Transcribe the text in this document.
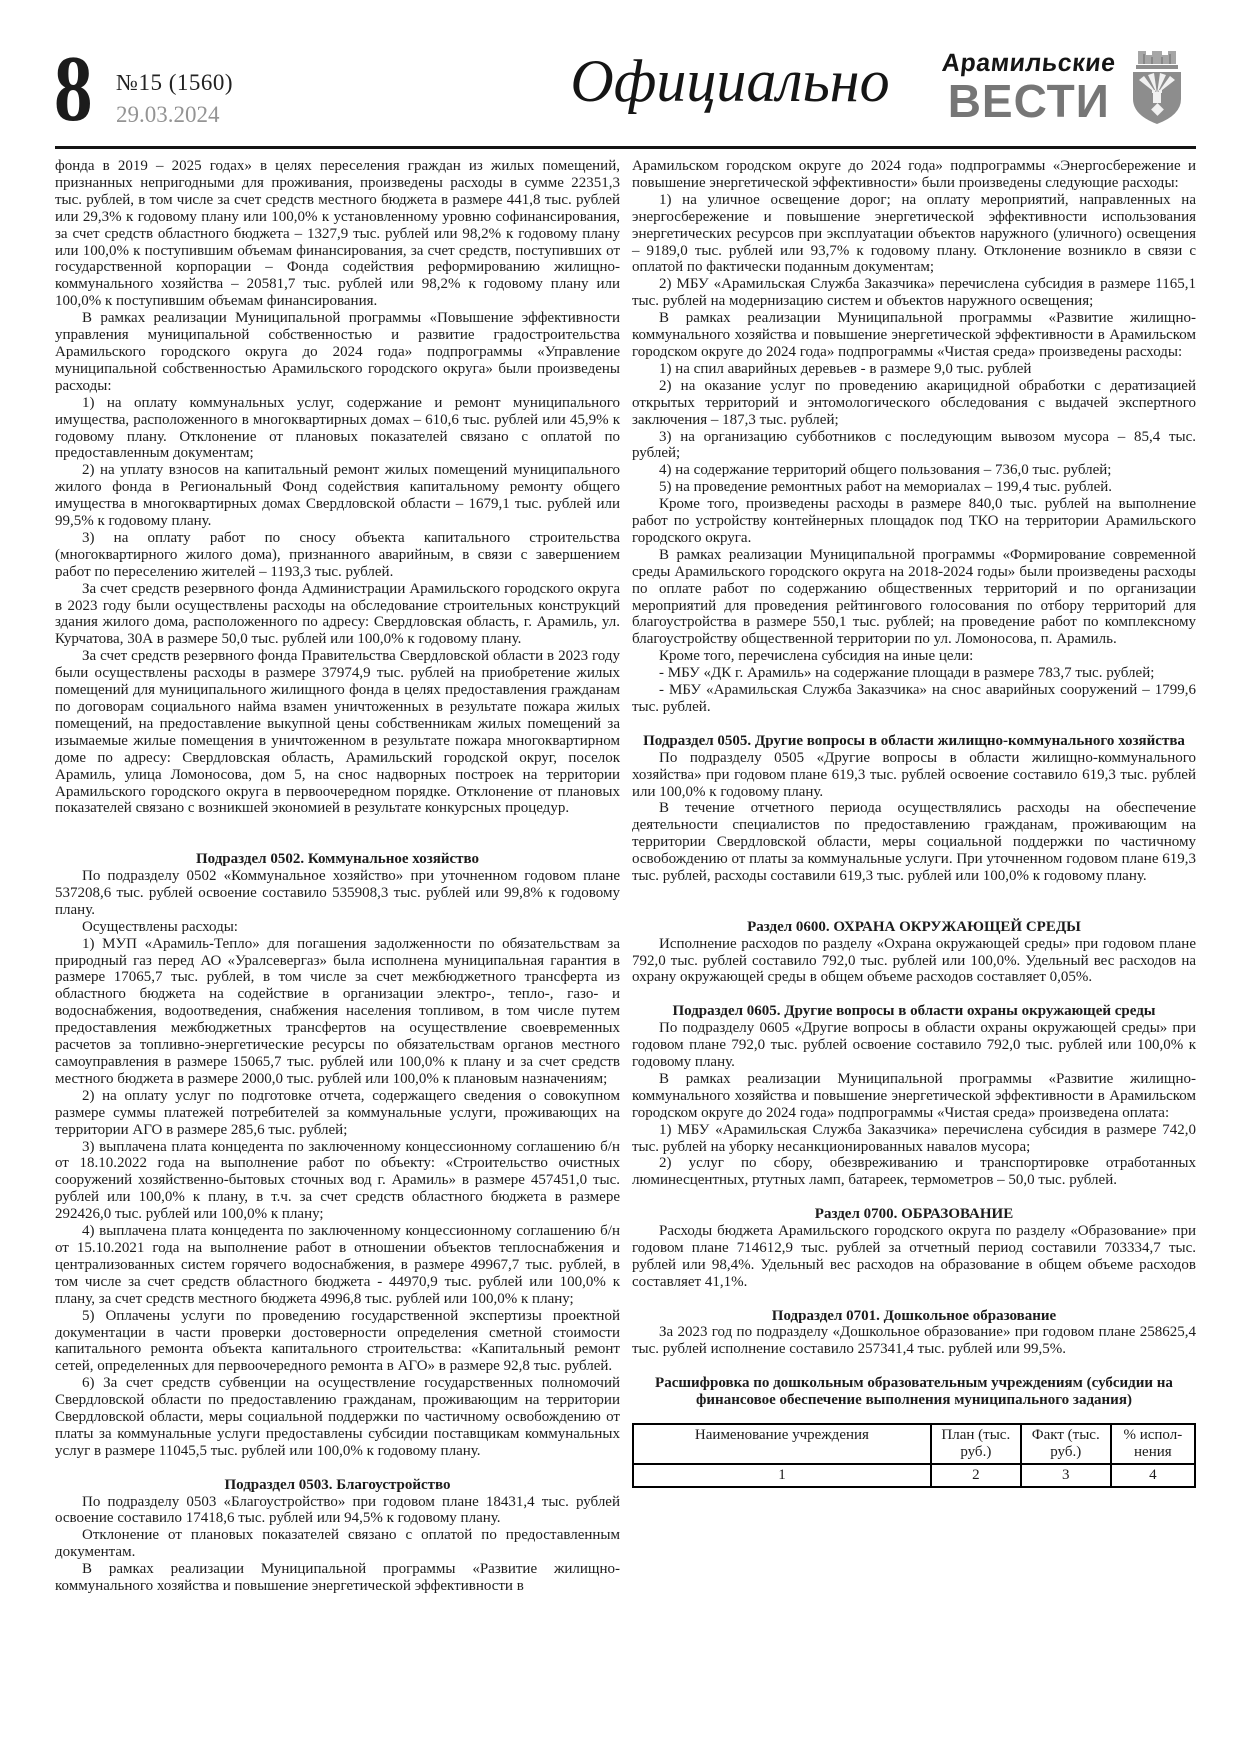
8 №15 (1560)
29.03.2024
Официально	Арамильские
ВЕСТИ
фонда в 2019 – 2025 годах» в целях переселения граждан из жилых помещений, признанных непригодными для проживания, произведены расходы в сумме 22351,3 тыс. рублей, в том числе за счет средств местного бюджета в размере 441,8 тыс. рублей или 29,3% к годовому плану или 100,0% к установленному уровню софинансирования, за счет средств областного бюджета – 1327,9 тыс. рублей или 98,2% к годовому плану или 100,0% к поступившим объемам финансирования, за счет средств, поступивших от государственной корпорации – Фонда содействия реформированию жилищно-коммунального хозяйства – 20581,7 тыс. рублей или 98,2% к годовому плану или 100,0% к поступившим объемам финансирования.
В рамках реализации Муниципальной программы «Повышение эффективности управления муниципальной собственностью и развитие градостроительства Арамильского городского округа до 2024 года» подпрограммы «Управление муниципальной собственностью Арамильского городского округа» были произведены расходы:
1) на оплату коммунальных услуг, содержание и ремонт муниципального имущества, расположенного в многоквартирных домах – 610,6 тыс. рублей или 45,9% к годовому плану. Отклонение от плановых показателей связано с оплатой по предоставленным документам;
2) на уплату взносов на капитальный ремонт жилых помещений муниципального жилого фонда в Региональный Фонд содействия капитальному ремонту общего имущества в многоквартирных домах Свердловской области – 1679,1 тыс. рублей или 99,5% к годовому плану.
3) на оплату работ по сносу объекта капитального строительства (многоквартирного жилого дома), признанного аварийным, в связи с завершением работ по переселению жителей – 1193,3 тыс. рублей.
За счет средств резервного фонда Администрации Арамильского городского округа в 2023 году были осуществлены расходы на обследование строительных конструкций здания жилого дома, расположенного по адресу: Свердловская область, г. Арамиль, ул. Курчатова, 30А в размере 50,0 тыс. рублей или 100,0% к годовому плану.
За счет средств резервного фонда Правительства Свердловской области в 2023 году были осуществлены расходы в размере 37974,9 тыс. рублей на приобретение жилых помещений для муниципального жилищного фонда в целях предоставления гражданам по договорам социального найма взамен уничтоженных в результате пожара жилых помещений, на предоставление выкупной цены собственникам жилых помещений за изымаемые жилые помещения в уничтоженном в результате пожара многоквартирном доме по адресу: Свердловская область, Арамильский городской округ, поселок Арамиль, улица Ломоносова, дом 5, на снос надворных построек на территории Арамильского городского округа в первоочередном порядке. Отклонение от плановых показателей связано с возникшей экономией в результате конкурсных процедур.
Подраздел 0502. Коммунальное хозяйство
По подразделу 0502 «Коммунальное хозяйство» при уточненном годовом плане 537208,6 тыс. рублей освоение составило 535908,3 тыс. рублей или 99,8% к годовому плану.
Осуществлены расходы:
1) МУП «Арамиль-Тепло» для погашения задолженности по обязательствам за природный газ перед АО «Уралсевергаз» была исполнена муниципальная гарантия в размере 17065,7 тыс. рублей, в том числе за счет межбюджетного трансферта из областного бюджета на содействие в организации электро-, тепло-, газо- и водоснабжения, водоотведения, снабжения населения топливом, в том числе путем предоставления межбюджетных трансфертов на осуществление своевременных расчетов за топливно-энергетические ресурсы по обязательствам органов местного самоуправления в размере 15065,7 тыс. рублей или 100,0% к плану и за счет средств местного бюджета в размере 2000,0 тыс. рублей или 100,0% к плановым назначениям;
2) на оплату услуг по подготовке отчета, содержащего сведения о совокупном размере суммы платежей потребителей за коммунальные услуги, проживающих на территории АГО в размере 285,6 тыс. рублей;
3) выплачена плата концедента по заключенному концессионному соглашению б/н от 18.10.2022 года на выполнение работ по объекту: «Строительство очистных сооружений хозяйственно-бытовых сточных вод г. Арамиль» в размере 457451,0 тыс. рублей или 100,0% к плану, в т.ч. за счет средств областного бюджета в размере 292426,0 тыс. рублей или 100,0% к плану;
4) выплачена плата концедента по заключенному концессионному соглашению б/н от 15.10.2021 года на выполнение работ в отношении объектов теплоснабжения и централизованных систем горячего водоснабжения, в размере 49967,7 тыс. рублей, в том числе за счет средств областного бюджета - 44970,9 тыс. рублей или 100,0% к плану, за счет средств местного бюджета 4996,8 тыс. рублей или 100,0% к плану;
5) Оплачены услуги по проведению государственной экспертизы проектной документации в части проверки достоверности определения сметной стоимости капитального ремонта объекта капитального строительства: «Капитальный ремонт сетей, определенных для первоочередного ремонта в АГО» в размере 92,8 тыс. рублей.
6) За счет средств субвенции на осуществление государственных полномочий Свердловской области по предоставлению гражданам, проживающим на территории Свердловской области, меры социальной поддержки по частичному освобождению от платы за коммунальные услуги предоставлены субсидии поставщикам коммунальных услуг в размере 11045,5 тыс. рублей или 100,0% к годовому плану.
Подраздел 0503. Благоустройство
По подразделу 0503 «Благоустройство» при годовом плане 18431,4 тыс. рублей освоение составило 17418,6 тыс. рублей или 94,5% к годовому плану.
Отклонение от плановых показателей связано с оплатой по предоставленным документам.
В рамках реализации Муниципальной программы «Развитие жилищно-коммунального хозяйства и повышение энергетической эффективности в
Арамильском городском округе до 2024 года» подпрограммы «Энергосбережение и повышение энергетической эффективности» были произведены следующие расходы:
1) на уличное освещение дорог; на оплату мероприятий, направленных на энергосбережение и повышение энергетической эффективности использования энергетических ресурсов при эксплуатации объектов наружного (уличного) освещения – 9189,0 тыс. рублей или 93,7% к годовому плану. Отклонение возникло в связи с оплатой по фактически поданным документам;
2) МБУ «Арамильская Служба Заказчика» перечислена субсидия в размере 1165,1 тыс. рублей на модернизацию систем и объектов наружного освещения;
В рамках реализации Муниципальной программы «Развитие жилищно-коммунального хозяйства и повышение энергетической эффективности в Арамильском городском округе до 2024 года» подпрограммы «Чистая среда» произведены расходы:
1) на спил аварийных деревьев - в размере 9,0 тыс. рублей
2) на оказание услуг по проведению акарицидной обработки с дератизацией открытых территорий и энтомологического обследования с выдачей экспертного заключения – 187,3 тыс. рублей;
3) на организацию субботников с последующим вывозом мусора – 85,4 тыс. рублей;
4) на содержание территорий общего пользования – 736,0 тыс. рублей;
5) на проведение ремонтных работ на мемориалах – 199,4 тыс. рублей.
Кроме того, произведены расходы в размере 840,0 тыс. рублей на выполнение работ по устройству контейнерных площадок под ТКО на территории Арамильского городского округа.
В рамках реализации Муниципальной программы «Формирование современной среды Арамильского городского округа на 2018-2024 годы» были произведены расходы по оплате работ по содержанию общественных территорий и по организации мероприятий для проведения рейтингового голосования по отбору территорий для благоустройства в размере 550,1 тыс. рублей; на проведение работ по комплексному благоустройству общественной территории по ул. Ломоносова, п. Арамиль.
Кроме того, перечислена субсидия на иные цели:
- МБУ «ДК г. Арамиль» на содержание площади в размере 783,7 тыс. рублей;
- МБУ «Арамильская Служба Заказчика» на снос аварийных сооружений – 1799,6 тыс. рублей.
Подраздел 0505. Другие вопросы в области жилищно-коммунального хозяйства
По подразделу 0505 «Другие вопросы в области жилищно-коммунального хозяйства» при годовом плане 619,3 тыс. рублей освоение составило 619,3 тыс. рублей или 100,0% к годовому плану.
В течение отчетного периода осуществлялись расходы на обеспечение деятельности специалистов по предоставлению гражданам, проживающим на территории Свердловской области, меры социальной поддержки по частичному освобождению от платы за коммунальные услуги. При уточненном годовом плане 619,3 тыс. рублей, расходы составили 619,3 тыс. рублей или 100,0% к годовому плану.
Раздел 0600. ОХРАНА ОКРУЖАЮЩЕЙ СРЕДЫ
Исполнение расходов по разделу «Охрана окружающей среды» при годовом плане 792,0 тыс. рублей составило 792,0 тыс. рублей или 100,0%. Удельный вес расходов на охрану окружающей среды в общем объеме расходов составляет 0,05%.
Подраздел 0605. Другие вопросы в области охраны окружающей среды
По подразделу 0605 «Другие вопросы в области охраны окружающей среды» при годовом плане 792,0 тыс. рублей освоение составило 792,0 тыс. рублей или 100,0% к годовому плану.
В рамках реализации Муниципальной программы «Развитие жилищно-коммунального хозяйства и повышение энергетической эффективности в Арамильском городском округе до 2024 года» подпрограммы «Чистая среда» произведена оплата:
1) МБУ «Арамильская Служба Заказчика» перечислена субсидия в размере 742,0 тыс. рублей на уборку несанкционированных навалов мусора;
2) услуг по сбору, обезвреживанию и транспортировке отработанных люминесцентных, ртутных ламп, батареек, термометров – 50,0 тыс. рублей.
Раздел 0700. ОБРАЗОВАНИЕ
Расходы бюджета Арамильского городского округа по разделу «Образование» при годовом плане 714612,9 тыс. рублей за отчетный период составили 703334,7 тыс. рублей или 98,4%. Удельный вес расходов на образование в общем объеме расходов составляет 41,1%.
Подраздел 0701. Дошкольное образование
За 2023 год по подразделу «Дошкольное образование» при годовом плане 258625,4 тыс. рублей исполнение составило 257341,4 тыс. рублей или 99,5%.
Расшифровка по дошкольным образовательным учреждениям (субсидии на финансовое обеспечение выполнения муниципального задания)
Наименование учреждения	План (тыс. руб.)	Факт (тыс. руб.)	% испол-нения
1	2	3	4
